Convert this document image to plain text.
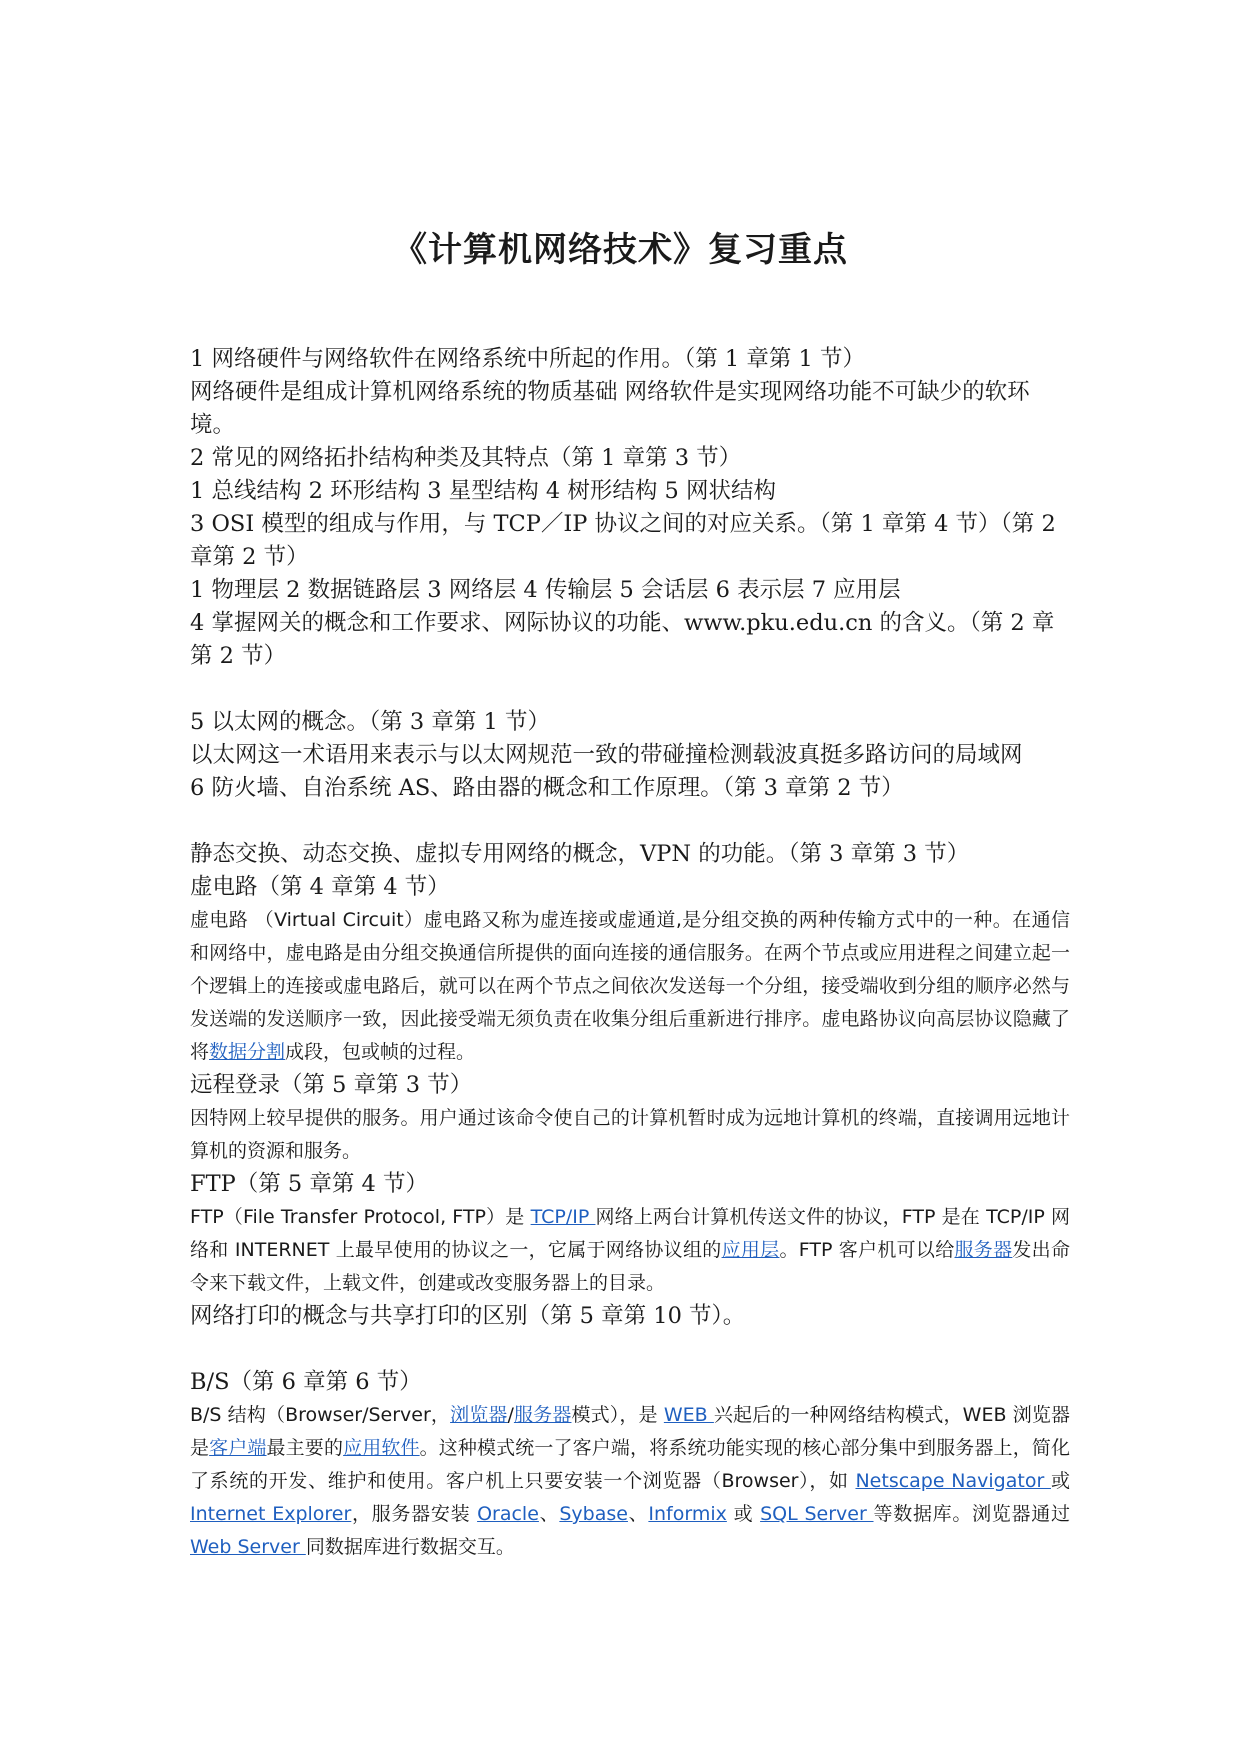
《计算机网络技术》复习重点

1 网络硬件与网络软件在网络系统中所起的作用。（第 1 章第 1 节）

网络硬件是组成计算机网络系统的物质基础 网络软件是实现网络功能不可缺少的软环境。

2 常见的网络拓扑结构种类及其特点（第 1 章第 3 节）

1 总线结构 2 环形结构 3 星型结构 4 树形结构 5 网状结构

3 OSI 模型的组成与作用，与 TCP／IP 协议之间的对应关系。（第 1 章第 4 节）（第 2 章第 2 节）

1 物理层 2 数据链路层 3 网络层 4 传输层 5 会话层 6 表示层 7 应用层

4 掌握网关的概念和工作要求、网际协议的功能、www.pku.edu.cn 的含义。（第 2 章第 2 节）

5 以太网的概念。（第 3 章第 1 节）

以太网这一术语用来表示与以太网规范一致的带碰撞检测载波真挺多路访问的局域网

6 防火墙、自治系统 AS、路由器的概念和工作原理。（第 3 章第 2 节）

静态交换、动态交换、虚拟专用网络的概念，VPN 的功能。（第 3 章第 3 节）

虚电路（第 4 章第 4 节）

虚电路 （Virtual Circuit）虚电路又称为虚连接或虚通道,是分组交换的两种传输方式中的一种。在通信和网络中，虚电路是由分组交换通信所提供的面向连接的通信服务。在两个节点或应用进程之间建立起一个逻辑上的连接或虚电路后，就可以在两个节点之间依次发送每一个分组，接受端收到分组的顺序必然与发送端的发送顺序一致，因此接受端无须负责在收集分组后重新进行排序。虚电路协议向高层协议隐藏了将数据分割成段，包或帧的过程。

远程登录（第 5 章第 3 节）

因特网上较早提供的服务。用户通过该命令使自己的计算机暂时成为远地计算机的终端，直接调用远地计算机的资源和服务。

FTP（第 5 章第 4 节）

FTP（File Transfer Protocol, FTP）是 TCP/IP 网络上两台计算机传送文件的协议，FTP 是在 TCP/IP 网络和 INTERNET 上最早使用的协议之一，它属于网络协议组的应用层。FTP 客户机可以给服务器发出命令来下载文件，上载文件，创建或改变服务器上的目录。

网络打印的概念与共享打印的区别（第 5 章第 10 节）。

B/S（第 6 章第 6 节）

B/S 结构（Browser/Server，浏览器/服务器模式），是 WEB 兴起后的一种网络结构模式，WEB 浏览器是客户端最主要的应用软件。这种模式统一了客户端，将系统功能实现的核心部分集中到服务器上，简化了系统的开发、维护和使用。客户机上只要安装一个浏览器（Browser），如 Netscape Navigator 或 Internet Explorer，服务器安装 Oracle、Sybase、Informix 或 SQL Server 等数据库。浏览器通过 Web Server 同数据库进行数据交互。
